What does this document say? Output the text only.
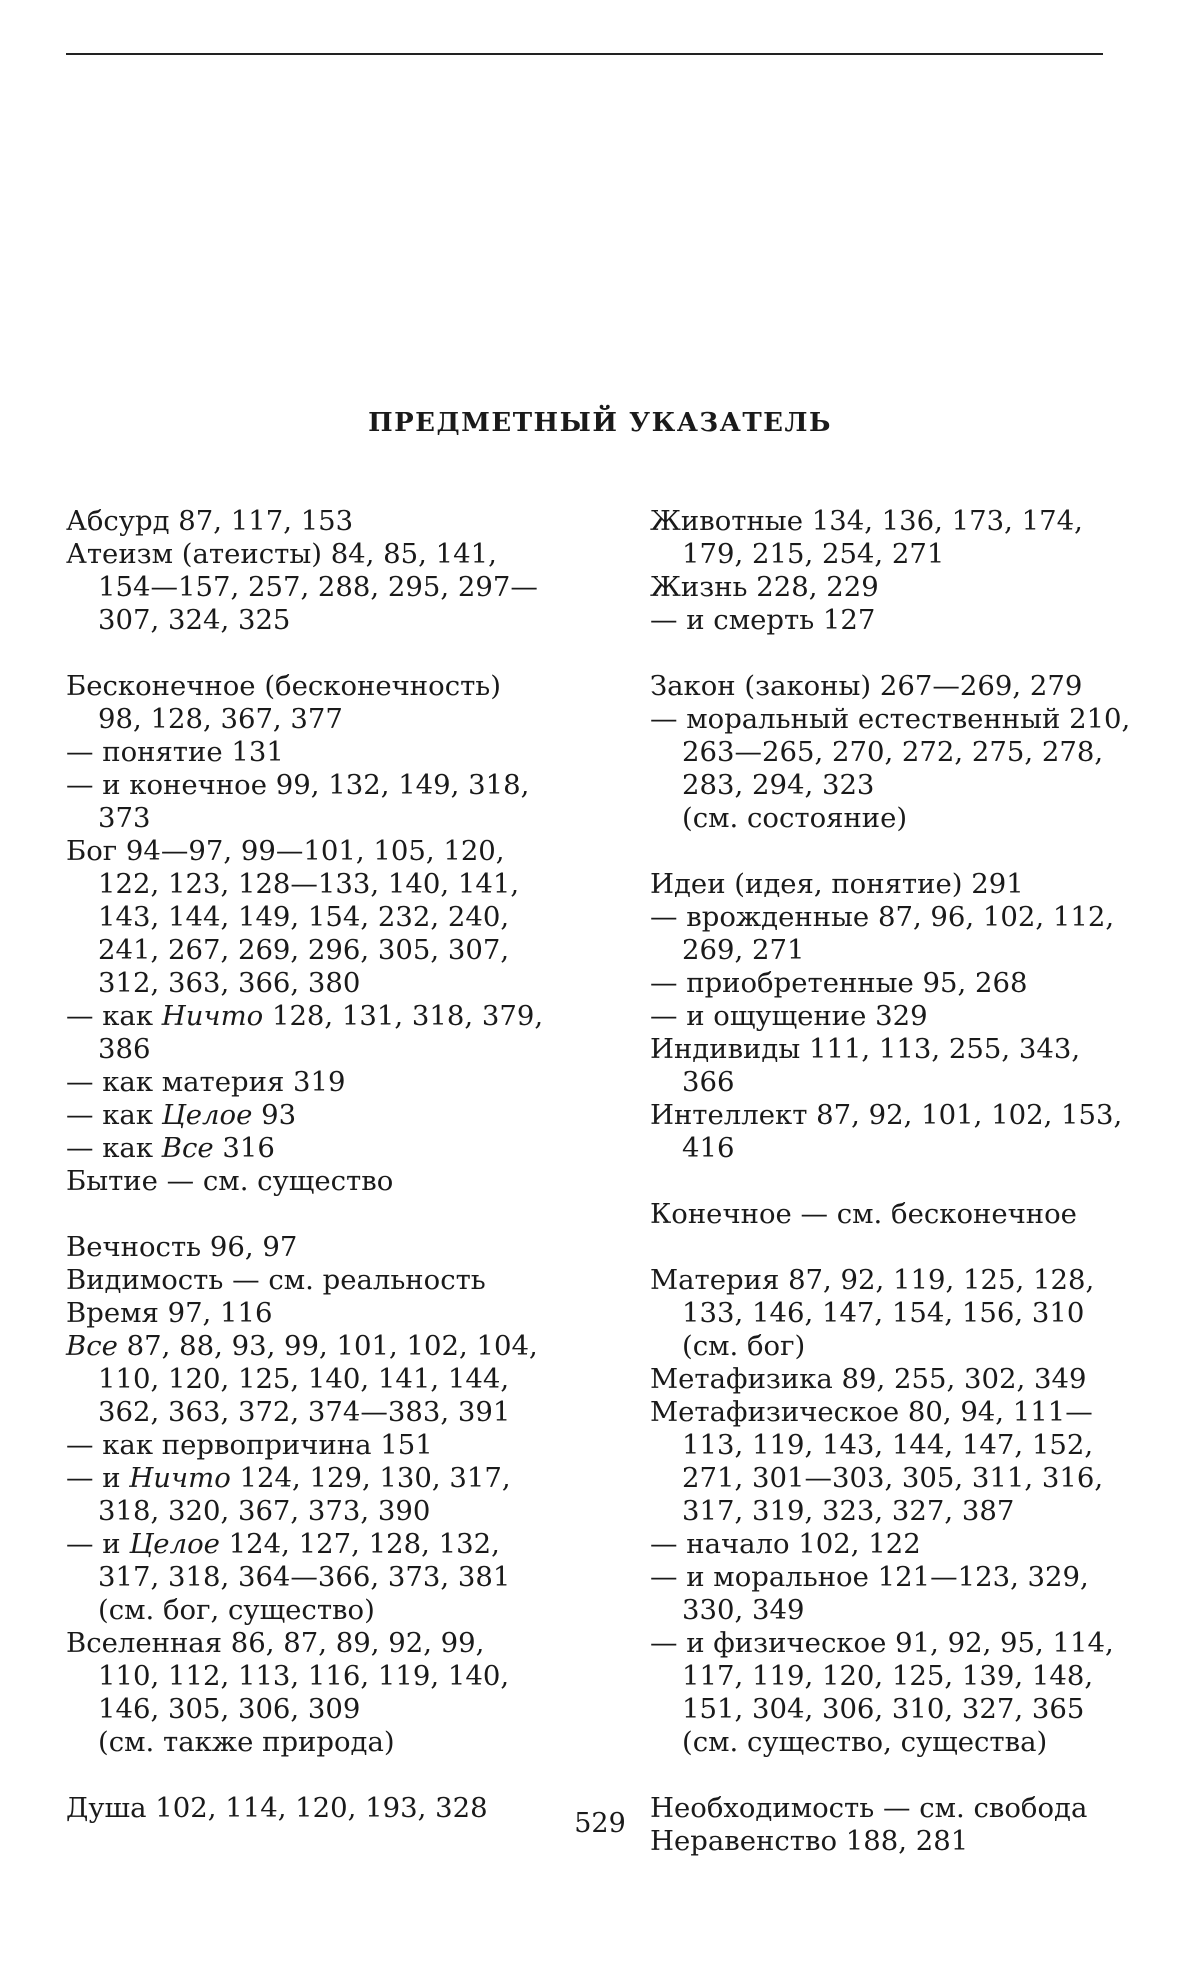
ПРЕДМЕТНЫЙ УКАЗАТЕЛЬ

Абсурд 87, 117, 153

Атеизм (атеисты) 84, 85, 141, 154—157, 257, 288, 295, 297—307, 324, 325

Бесконечное (бесконечность) 98, 128, 367, 377

— понятие 131

— и конечное 99, 132, 149, 318, 373

Бог 94—97, 99—101, 105, 120, 122, 123, 128—133, 140, 141, 143, 144, 149, 154, 232, 240, 241, 267, 269, 296, 305, 307, 312, 363, 366, 380

— как Ничто 128, 131, 318, 379, 386

— как материя 319

— как Целое 93

— как Все 316

Бытие — см. существо

Вечность 96, 97

Видимость — см. реальность

Время 97, 116

Все 87, 88, 93, 99, 101, 102, 104, 110, 120, 125, 140, 141, 144, 362, 363, 372, 374—383, 391

— как первопричина 151

— и Ничто 124, 129, 130, 317, 318, 320, 367, 373, 390

— и Целое 124, 127, 128, 132, 317, 318, 364—366, 373, 381
(см. бог, существо)

Вселенная 86, 87, 89, 92, 99, 110, 112, 113, 116, 119, 140, 146, 305, 306, 309
(см. также природа)

Душа 102, 114, 120, 193, 328

Животные 134, 136, 173, 174, 179, 215, 254, 271

Жизнь 228, 229

— и смерть 127

Закон (законы) 267—269, 279

— моральный естественный 210, 263—265, 270, 272, 275, 278, 283, 294, 323
(см. состояние)

Идеи (идея, понятие) 291

— врожденные 87, 96, 102, 112, 269, 271

— приобретенные 95, 268

— и ощущение 329

Индивиды 111, 113, 255, 343, 366

Интеллект 87, 92, 101, 102, 153, 416

Конечное — см. бесконечное

Материя 87, 92, 119, 125, 128, 133, 146, 147, 154, 156, 310
(см. бог)

Метафизика 89, 255, 302, 349

Метафизическое 80, 94, 111—113, 119, 143, 144, 147, 152, 271, 301—303, 305, 311, 316, 317, 319, 323, 327, 387

— начало 102, 122

— и моральное 121—123, 329, 330, 349

— и физическое 91, 92, 95, 114, 117, 119, 120, 125, 139, 148, 151, 304, 306, 310, 327, 365
(см. существо, существа)

Необходимость — см. свобода

Неравенство 188, 281

529
